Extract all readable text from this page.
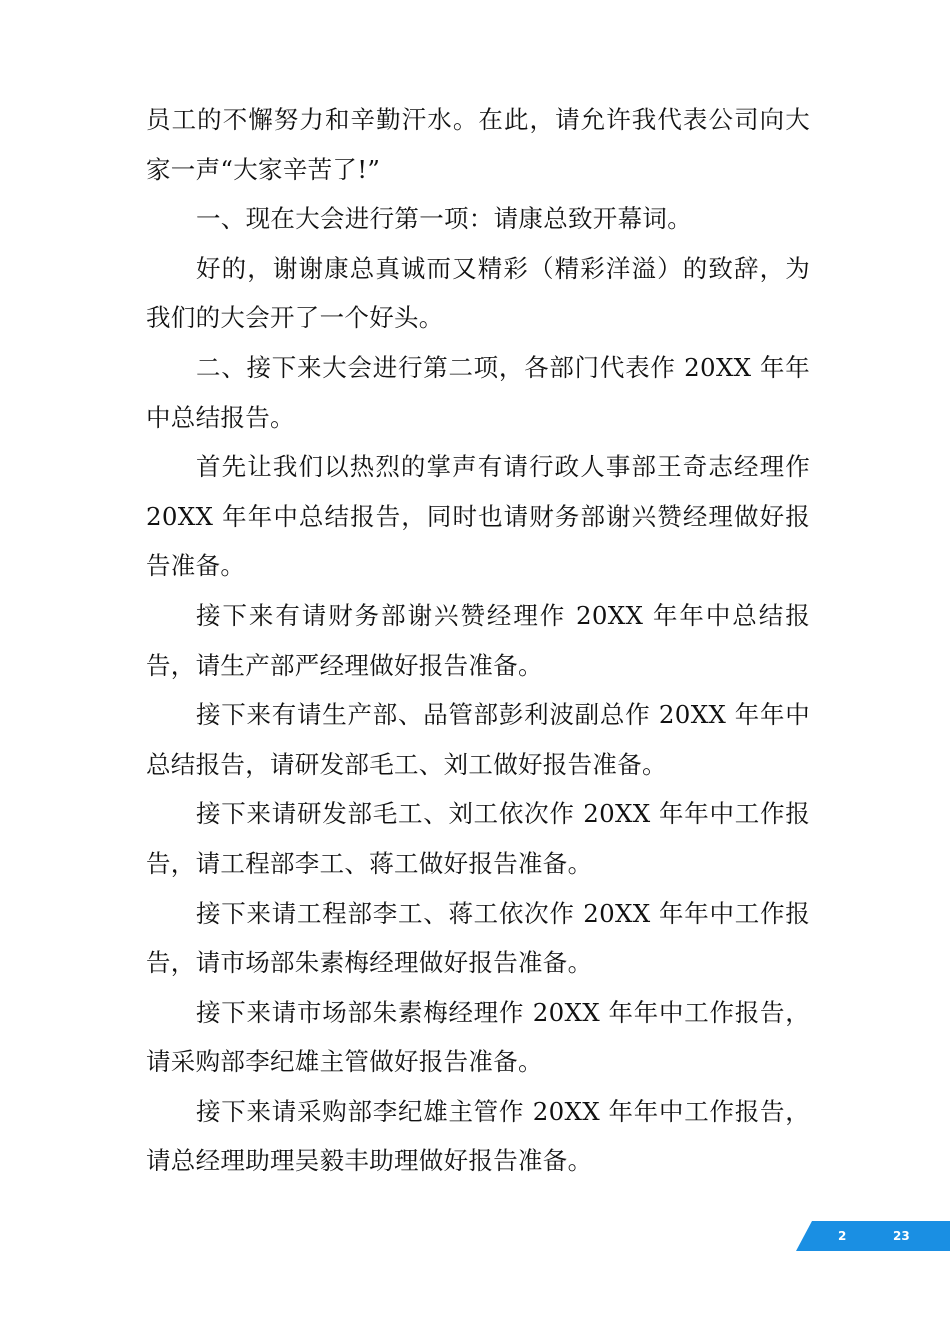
员工的不懈努力和辛勤汗水。在此，请允许我代表公司向大家一声“大家辛苦了!”

一、现在大会进行第一项：请康总致开幕词。

好的，谢谢康总真诚而又精彩（精彩洋溢）的致辞，为我们的大会开了一个好头。

二、接下来大会进行第二项，各部门代表作 20XX 年年中总结报告。

首先让我们以热烈的掌声有请行政人事部王奇志经理作 20XX 年年中总结报告，同时也请财务部谢兴赞经理做好报告准备。

接下来有请财务部谢兴赞经理作 20XX 年年中总结报告，请生产部严经理做好报告准备。

接下来有请生产部、品管部彭利波副总作 20XX 年年中总结报告，请研发部毛工、刘工做好报告准备。

接下来请研发部毛工、刘工依次作 20XX 年年中工作报告，请工程部李工、蒋工做好报告准备。

接下来请工程部李工、蒋工依次作 20XX 年年中工作报告，请市场部朱素梅经理做好报告准备。

接下来请市场部朱素梅经理作 20XX 年年中工作报告，请采购部李纪雄主管做好报告准备。

接下来请采购部李纪雄主管作 20XX 年年中工作报告，请总经理助理吴毅丰助理做好报告准备。

2	23
